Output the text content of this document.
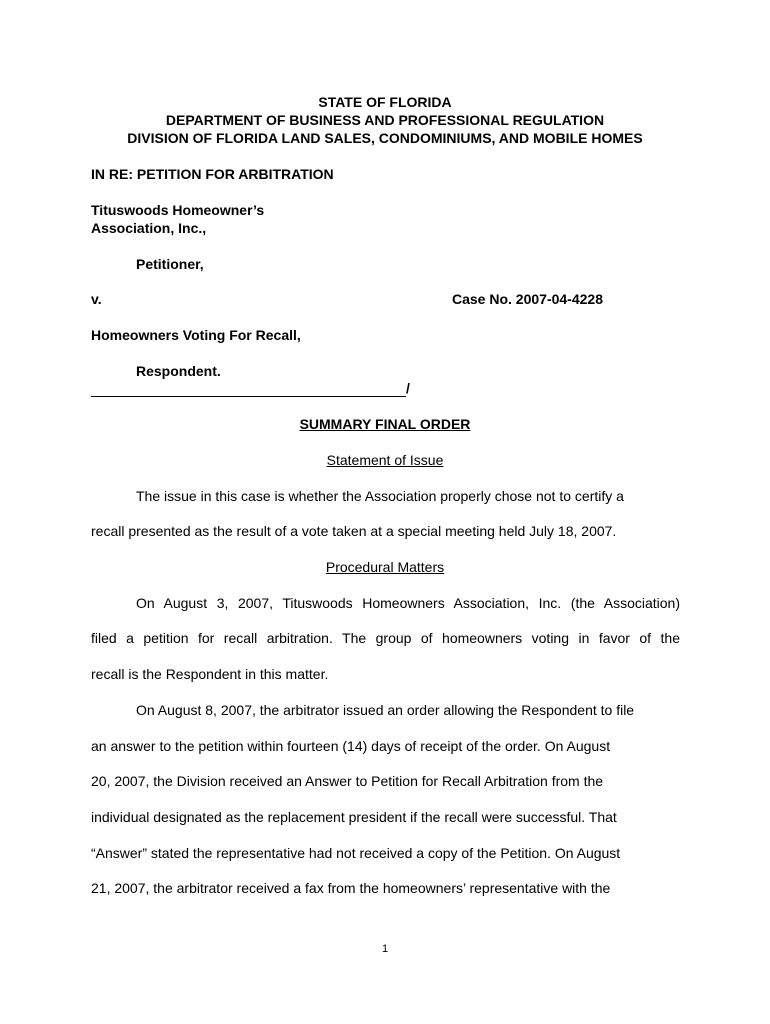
STATE OF FLORIDA
DEPARTMENT OF BUSINESS AND PROFESSIONAL REGULATION
DIVISION OF FLORIDA LAND SALES, CONDOMINIUMS, AND MOBILE HOMES
IN RE: PETITION FOR ARBITRATION
Tituswoods Homeowner’s
Association, Inc.,
Petitioner,
v.	Case No. 2007-04-4228
Homeowners Voting For Recall,
Respondent.
/
SUMMARY FINAL ORDER
Statement of Issue
The issue in this case is whether the Association properly chose not to certify a
recall presented as the result of a vote taken at a special meeting held July 18, 2007.
Procedural Matters
On August 3, 2007, Tituswoods Homeowners Association, Inc. (the Association)
filed a petition for recall arbitration. The group of homeowners voting in favor of the
recall is the Respondent in this matter.
On August 8, 2007, the arbitrator issued an order allowing the Respondent to file
an answer to the petition within fourteen (14) days of receipt of the order. On August
20, 2007, the Division received an Answer to Petition for Recall Arbitration from the
individual designated as the replacement president if the recall were successful. That
“Answer” stated the representative had not received a copy of the Petition. On August
21, 2007, the arbitrator received a fax from the homeowners’ representative with the
1
